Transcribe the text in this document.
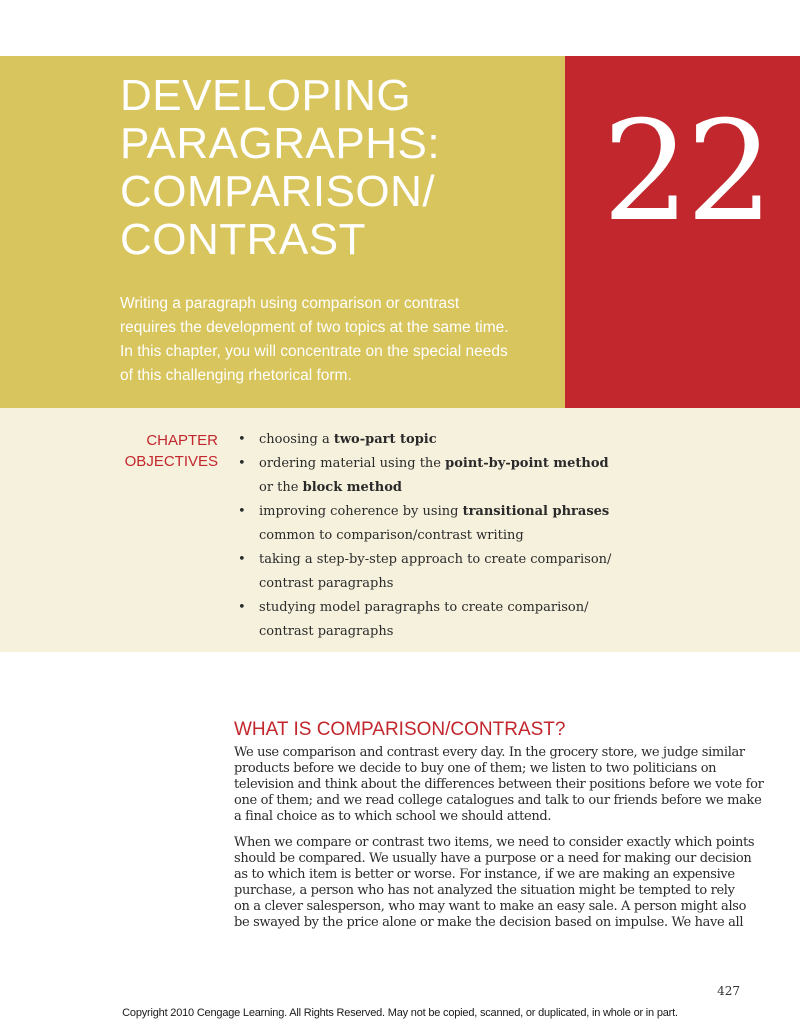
DEVELOPING
PARAGRAPHS:
COMPARISON/
CONTRAST

Writing a paragraph using comparison or contrast
requires the development of two topics at the same time.
In this chapter, you will concentrate on the special needs
of this challenging rhetorical form.

22
CHAPTER
OBJECTIVES
• choosing a two-part topic
• ordering material using the point-by-point method
or the block method
• improving coherence by using transitional phrases
common to comparison/contrast writing
• taking a step-by-step approach to create comparison/
contrast paragraphs
• studying model paragraphs to create comparison/
contrast paragraphs
WHAT IS COMPARISON/CONTRAST?

We use comparison and contrast every day. In the grocery store, we judge similar
products before we decide to buy one of them; we listen to two politicians on
television and think about the differences between their positions before we vote for
one of them; and we read college catalogues and talk to our friends before we make
a final choice as to which school we should attend.

When we compare or contrast two items, we need to consider exactly which points
should be compared. We usually have a purpose or a need for making our decision
as to which item is better or worse. For instance, if we are making an expensive
purchase, a person who has not analyzed the situation might be tempted to rely
on a clever salesperson, who may want to make an easy sale. A person might also
be swayed by the price alone or make the decision based on impulse. We have all

427
Copyright 2010 Cengage Learning. All Rights Reserved. May not be copied, scanned, or duplicated, in whole or in part.
